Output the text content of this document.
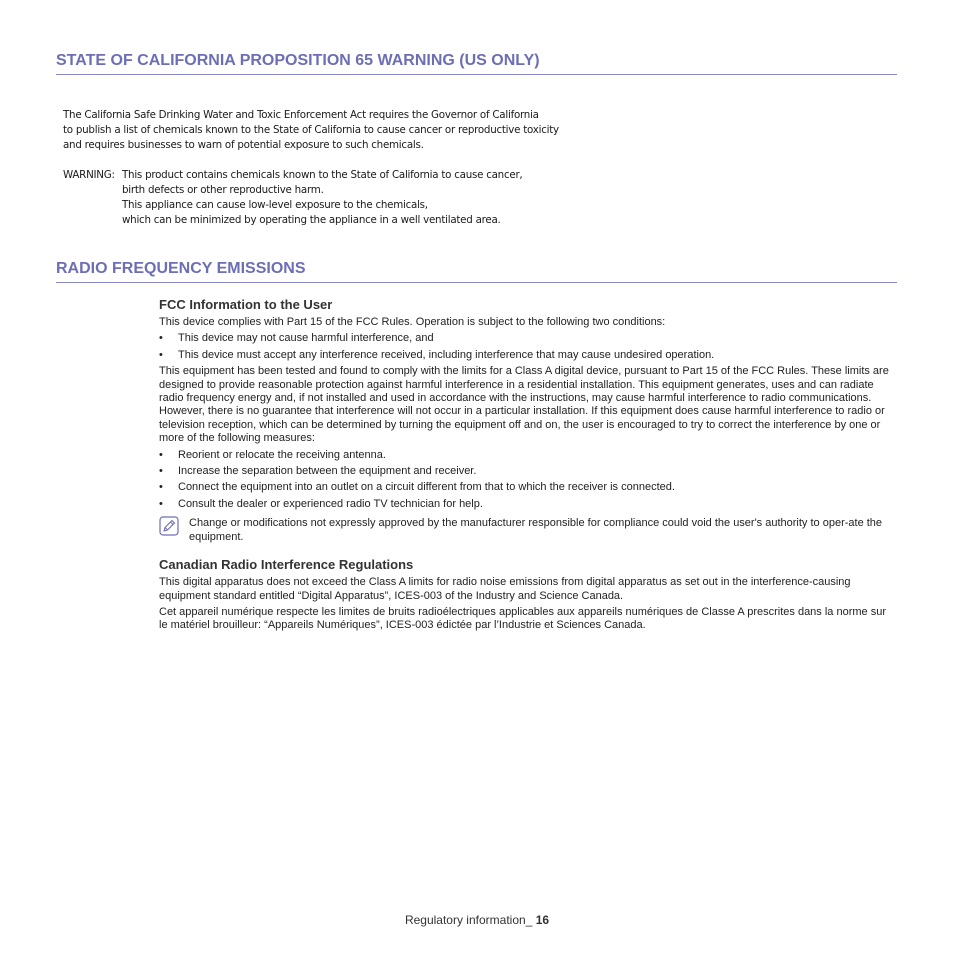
STATE OF CALIFORNIA PROPOSITION 65 WARNING (US ONLY)
The California Safe Drinking Water and Toxic Enforcement Act requires the Governor of California
to publish a list of chemicals known to the State of California to cause cancer or reproductive toxicity
and requires businesses to warn of potential exposure to such chemicals.
WARNING: This product contains chemicals known to the State of California to cause cancer,
birth defects or other reproductive harm.
This appliance can cause low-level exposure to the chemicals,
which can be minimized by operating the appliance in a well ventilated area.
RADIO FREQUENCY EMISSIONS
FCC Information to the User

This device complies with Part 15 of the FCC Rules. Operation is subject to the following two conditions:

•	This device may not cause harmful interference, and
•	This device must accept any interference received, including interference that may cause undesired operation.

This equipment has been tested and found to comply with the limits for a Class A digital device, pursuant to Part 15 of the FCC Rules. These limits are designed to provide reasonable protection against harmful interference in a residential installation. This equipment generates, uses and can radiate radio frequency energy and, if not installed and used in accordance with the instructions, may cause harmful interference to radio communications. However, there is no guarantee that interference will not occur in a particular installation. If this equipment does cause harmful interference to radio or television reception, which can be determined by turning the equipment off and on, the user is encouraged to try to correct the interference by one or more of the following measures:

•	Reorient or relocate the receiving antenna.
•	Increase the separation between the equipment and receiver.
•	Connect the equipment into an outlet on a circuit different from that to which the receiver is connected.
•	Consult the dealer or experienced radio TV technician for help.
Change or modifications not expressly approved by the manufacturer responsible for compliance could void the user's authority to oper-ate the equipment.
Canadian Radio Interference Regulations

This digital apparatus does not exceed the Class A limits for radio noise emissions from digital apparatus as set out in the interference-causing equipment standard entitled “Digital Apparatus”, ICES-003 of the Industry and Science Canada.

Cet appareil numérique respecte les limites de bruits radioélectriques applicables aux appareils numériques de Classe A prescrites dans la norme sur le matériel brouilleur: “Appareils Numériques”, ICES-003 édictée par l’Industrie et Sciences Canada.

Regulatory information_ 16
